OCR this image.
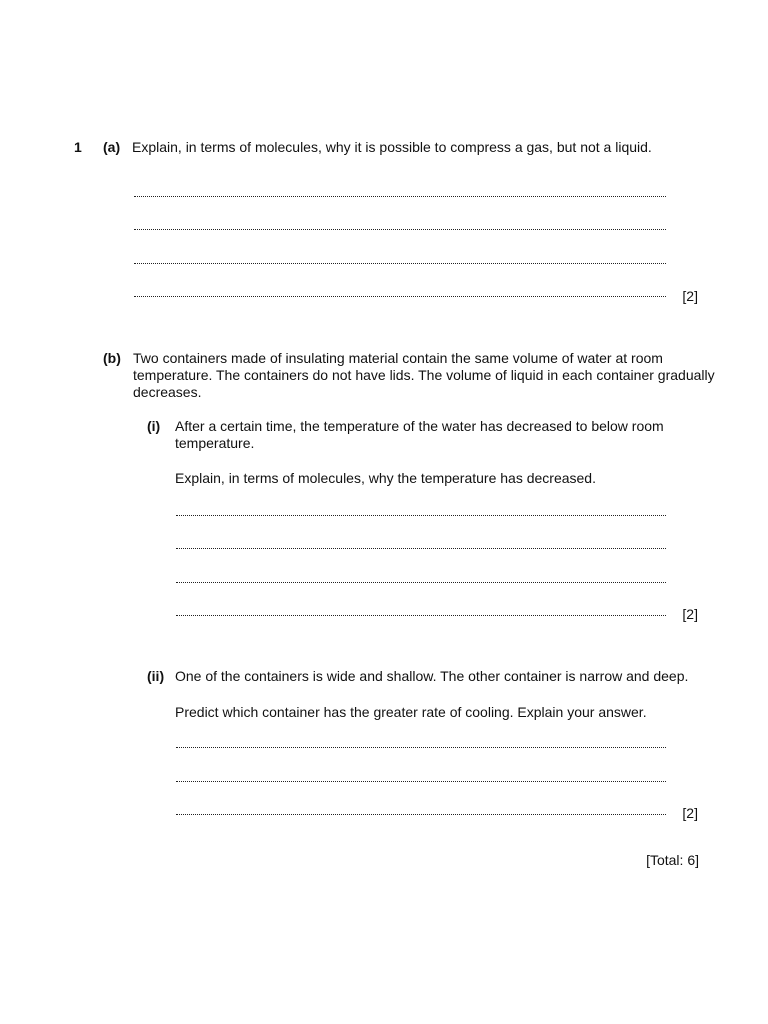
1 (a) Explain, in terms of molecules, why it is possible to compress a gas, but not a liquid.
[2]
(b) Two containers made of insulating material contain the same volume of water at room
temperature. The containers do not have lids. The volume of liquid in each container gradually
decreases.
(i) After a certain time, the temperature of the water has decreased to below room
temperature.
Explain, in terms of molecules, why the temperature has decreased.
[2]
(ii) One of the containers is wide and shallow. The other container is narrow and deep.
Predict which container has the greater rate of cooling. Explain your answer.
[2]
[Total: 6]
